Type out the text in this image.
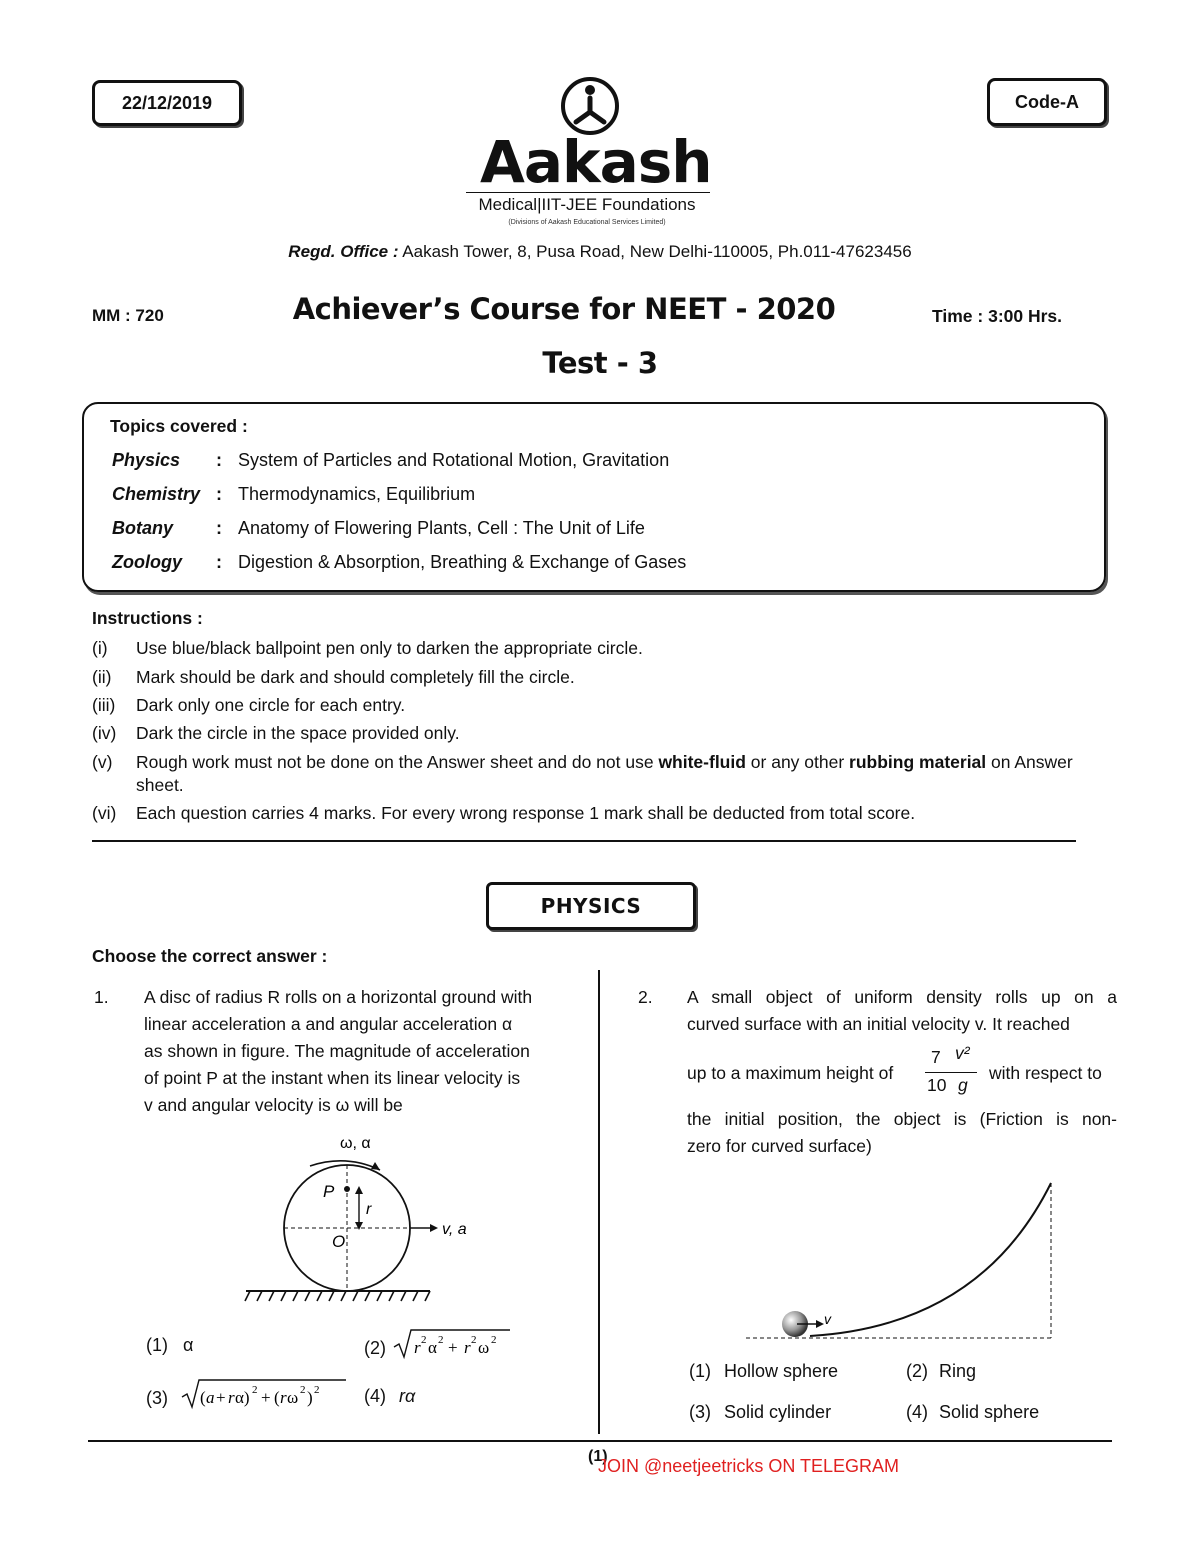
22/12/2019	Code-A
Aakash
Medical|IIT-JEE Foundations
(Divisions of Aakash Educational Services Limited)
Regd. Office : Aakash Tower, 8, Pusa Road, New Delhi-110005, Ph.011-47623456
MM : 720	Achiever’s Course for NEET - 2020	Time : 3:00 Hrs.
Test - 3
Topics covered :
Physics	: System of Particles and Rotational Motion, Gravitation
Chemistry : Thermodynamics, Equilibrium
Botany	: Anatomy of Flowering Plants, Cell : The Unit of Life
Zoology	: Digestion & Absorption, Breathing & Exchange of Gases
Instructions :
(i)	Use blue/black ballpoint pen only to darken the appropriate circle.
(ii)	Mark should be dark and should completely fill the circle.
(iii)	Dark only one circle for each entry.
(iv)	Dark the circle in the space provided only.
(v)	Rough work must not be done on the Answer sheet and do not use white-fluid or any other rubbing material on Answer sheet.
(vi)	Each question carries 4 marks. For every wrong response 1 mark shall be deducted from total score.
PHYSICS
Choose the correct answer :
1. A disc of radius R rolls on a horizontal ground with
linear acceleration a and angular acceleration α
as shown in figure. The magnitude of acceleration
of point P at the instant when its linear velocity is
v and angular velocity is ω will be
ω, α
P
r
O
v, a
(1) α	(2) r 2 α 2 + r 2 ω 2
(3) ( a + r α) 2 + ( r ω 2 ) 2 (4) rα
2. A small object of uniform density rolls up on a
curved surface with an initial velocity v. It reached
up to a maximum height of
7 v²
10 g
with respect to
the initial position, the object is (Friction is non-
zero for curved surface)
v
(1) Hollow sphere	(2) Ring
(3) Solid cylinder	(4) Solid sphere
(1)
JOIN @neetjeetricks ON TELEGRAM
